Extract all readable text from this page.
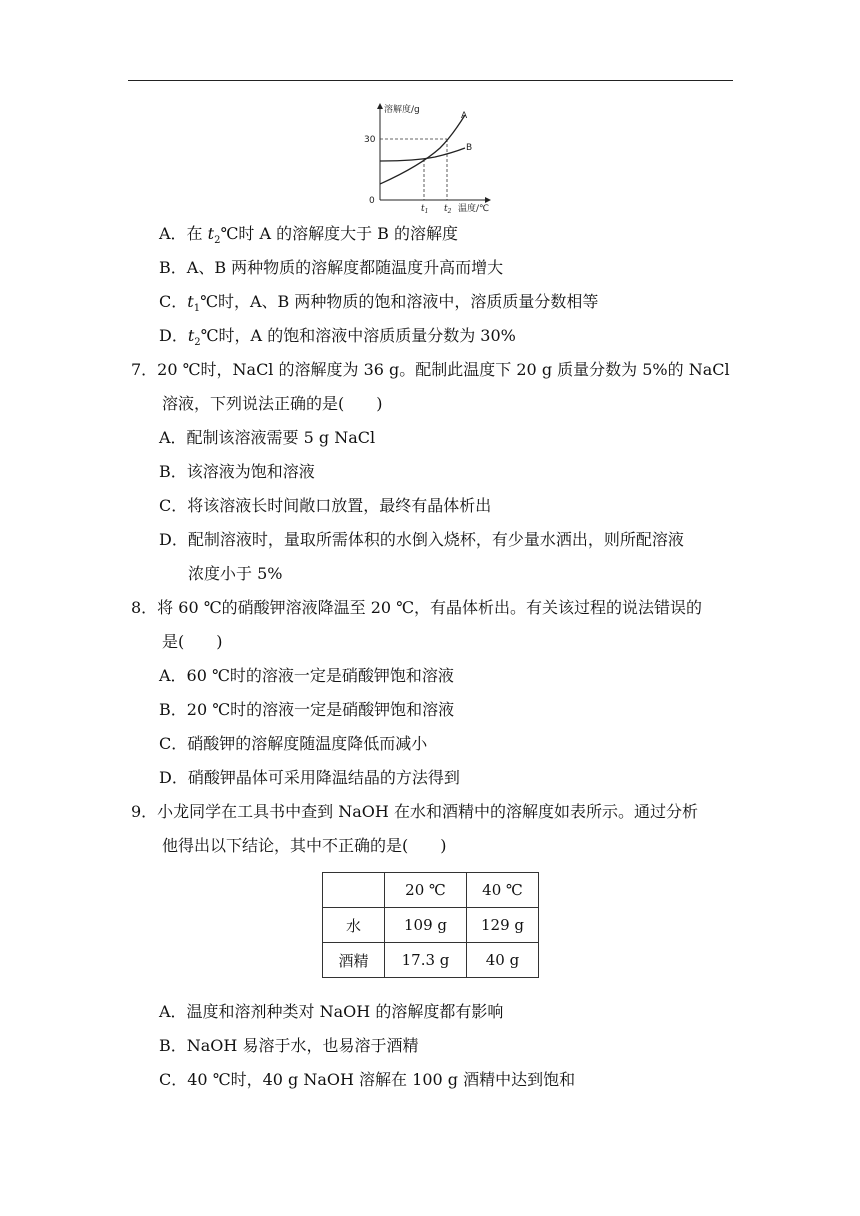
溶解度/g
30
0
A
B
$t_1$ $t_2$ 温度/℃
A．在 $t_2℃$时 A 的溶解度大于 B 的溶解度
B．A、B 两种物质的溶解度都随温度升高而增大
C．$t_1℃$时，A、B 两种物质的饱和溶液中，溶质质量分数相等
D．$t_2℃$时，A 的饱和溶液中溶质质量分数为 30%
7．20 ℃时，NaCl 的溶解度为 36 g。配制此温度下 20 g 质量分数为 5%的 NaCl
溶液，下列说法正确的是(　　)
A．配制该溶液需要 5 g NaCl
B．该溶液为饱和溶液
C．将该溶液长时间敞口放置，最终有晶体析出
D．配制溶液时，量取所需体积的水倒入烧杯，有少量水洒出，则所配溶液
浓度小于 5%
8．将 60 ℃的硝酸钾溶液降温至 20 ℃，有晶体析出。有关该过程的说法错误的
是(　　)
A．60 ℃时的溶液一定是硝酸钾饱和溶液
B．20 ℃时的溶液一定是硝酸钾饱和溶液
C．硝酸钾的溶解度随温度降低而减小
D．硝酸钾晶体可采用降温结晶的方法得到
9．小龙同学在工具书中查到 NaOH 在水和酒精中的溶解度如表所示。通过分析
他得出以下结论，其中不正确的是(　　)
	20 ℃	40 ℃
水	109 g	129 g
酒精	17.3 g	40 g
A．温度和溶剂种类对 NaOH 的溶解度都有影响
B．NaOH 易溶于水，也易溶于酒精
C．40 ℃时，40 g NaOH 溶解在 100 g 酒精中达到饱和
